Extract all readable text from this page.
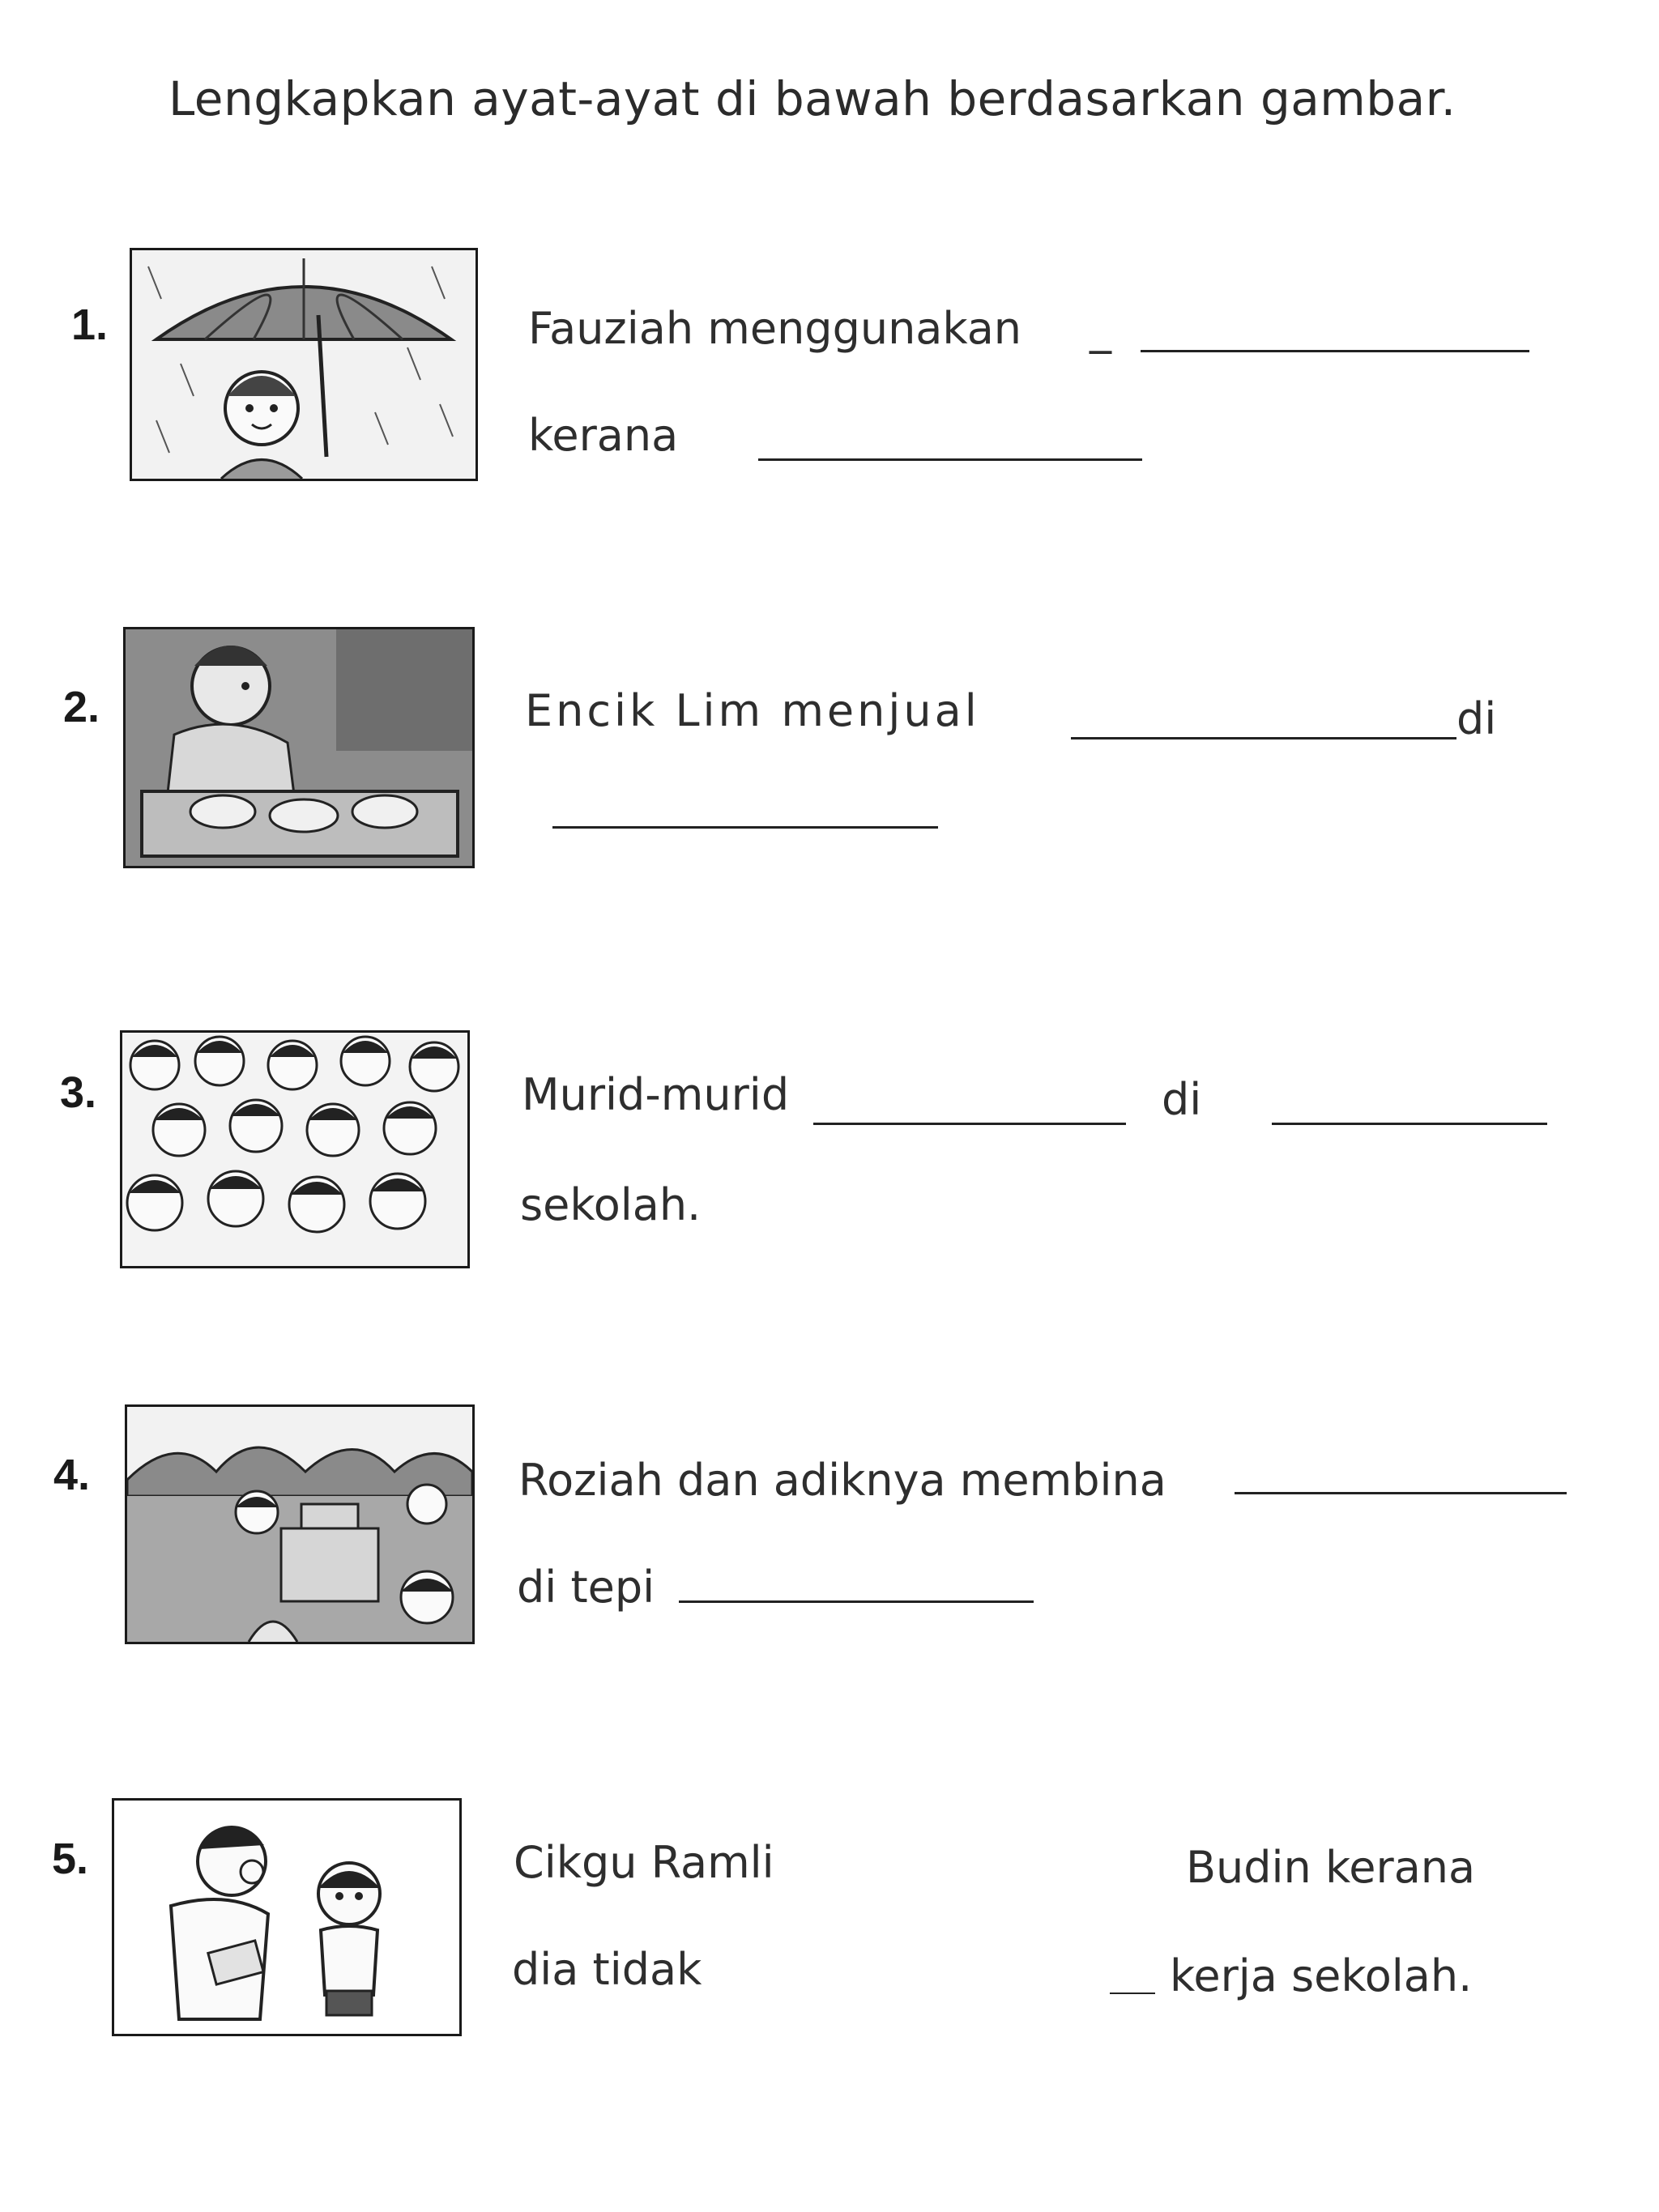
Lengkapkan ayat-ayat di bawah berdasarkan gambar.
1.	Fauziah menggunakan _
kerana
2.	Encik Lim menjual	di
3.	Murid-murid	di
sekolah.
4.	Roziah dan adiknya membina
di tepi
5.	Cikgu Ramli	Budin kerana
dia tidak	kerja sekolah.
